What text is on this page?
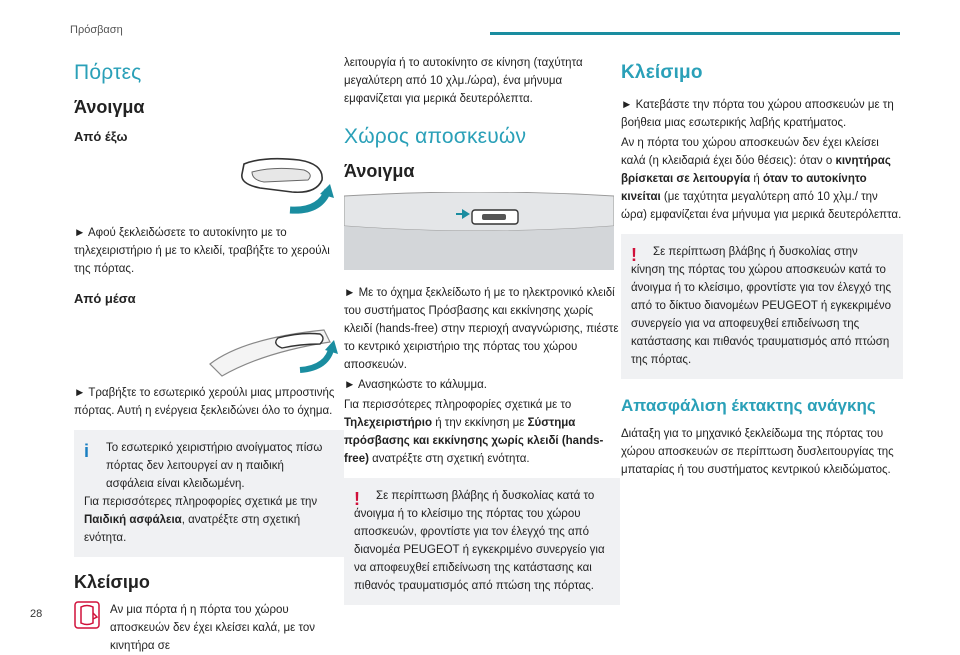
Πρόσβαση
Πόρτες
Άνοιγμα
Από έξω

► Αφού ξεκλειδώσετε το αυτοκίνητο με το τηλεχειριστήριο ή με το κλειδί, τραβήξτε το χερούλι της πόρτας.

Από μέσα

► Τραβήξτε το εσωτερικό χερούλι μιας μπροστινής πόρτας. Αυτή η ενέργεια ξεκλειδώνει όλο το όχημα.

i	Το εσωτερικό χειριστήριο ανοίγματος πίσω πόρτας δεν λειτουργεί αν η παιδική ασφάλεια είναι κλειδωμένη.
Για περισσότερες πληροφορίες σχετικά με την Παιδική ασφάλεια, ανατρέξτε στη σχετική ενότητα.
Κλείσιμο
Αν μια πόρτα ή η πόρτα του χώρου αποσκευών δεν έχει κλείσει καλά, με τον κινητήρα σε

λειτουργία ή το αυτοκίνητο σε κίνηση (ταχύτητα μεγαλύτερη από 10 χλμ./ώρα), ένα μήνυμα εμφανίζεται για μερικά δευτερόλεπτα.

Χώρος αποσκευών
Άνοιγμα

► Με το όχημα ξεκλείδωτο ή με το ηλεκτρονικό κλειδί του συστήματος Πρόσβασης και εκκίνησης χωρίς κλειδί (hands-free) στην περιοχή αναγνώρισης, πιέστε το κεντρικό χειριστήριο της πόρτας του χώρου αποσκευών.

► Ανασηκώστε το κάλυμμα.

Για περισσότερες πληροφορίες σχετικά με το Τηλεχειριστήριο ή την εκκίνηση με Σύστημα πρόσβασης και εκκίνησης χωρίς κλειδί (hands-free) ανατρέξτε στη σχετική ενότητα.

!	Σε περίπτωση βλάβης ή δυσκολίας κατά το άνοιγμα ή το κλείσιμο της πόρτας του χώρου αποσκευών, φροντίστε για τον έλεγχό της από διανομέα PEUGEOT ή εγκεκριμένο συνεργείο για να αποφευχθεί επιδείνωση της κατάστασης και πιθανός τραυματισμός από πτώση της πόρτας.
Κλείσιμο

► Κατεβάστε την πόρτα του χώρου αποσκευών με τη βοήθεια μιας εσωτερικής λαβής κρατήματος.

Αν η πόρτα του χώρου αποσκευών δεν έχει κλείσει καλά (η κλειδαριά έχει δύο θέσεις): όταν ο κινητήρας βρίσκεται σε λειτουργία ή όταν το αυτοκίνητο κινείται (με ταχύτητα μεγαλύτερη από 10 χλμ./ την ώρα) εμφανίζεται ένα μήνυμα για μερικά δευτερόλεπτα.

!	Σε περίπτωση βλάβης ή δυσκολίας στην κίνηση της πόρτας του χώρου αποσκευών κατά το άνοιγμα ή το κλείσιμο, φροντίστε για τον έλεγχό της από το δίκτυο διανομέων PEUGEOT ή εγκεκριμένο συνεργείο για να αποφευχθεί επιδείνωση της κατάστασης και πιθανός τραυματισμός από πτώση της πόρτας.
Απασφάλιση έκτακτης ανάγκης

Διάταξη για το μηχανικό ξεκλείδωμα της πόρτας του χώρου αποσκευών σε περίπτωση δυσλειτουργίας της μπαταρίας ή του συστήματος κεντρικού κλειδώματος.

28
